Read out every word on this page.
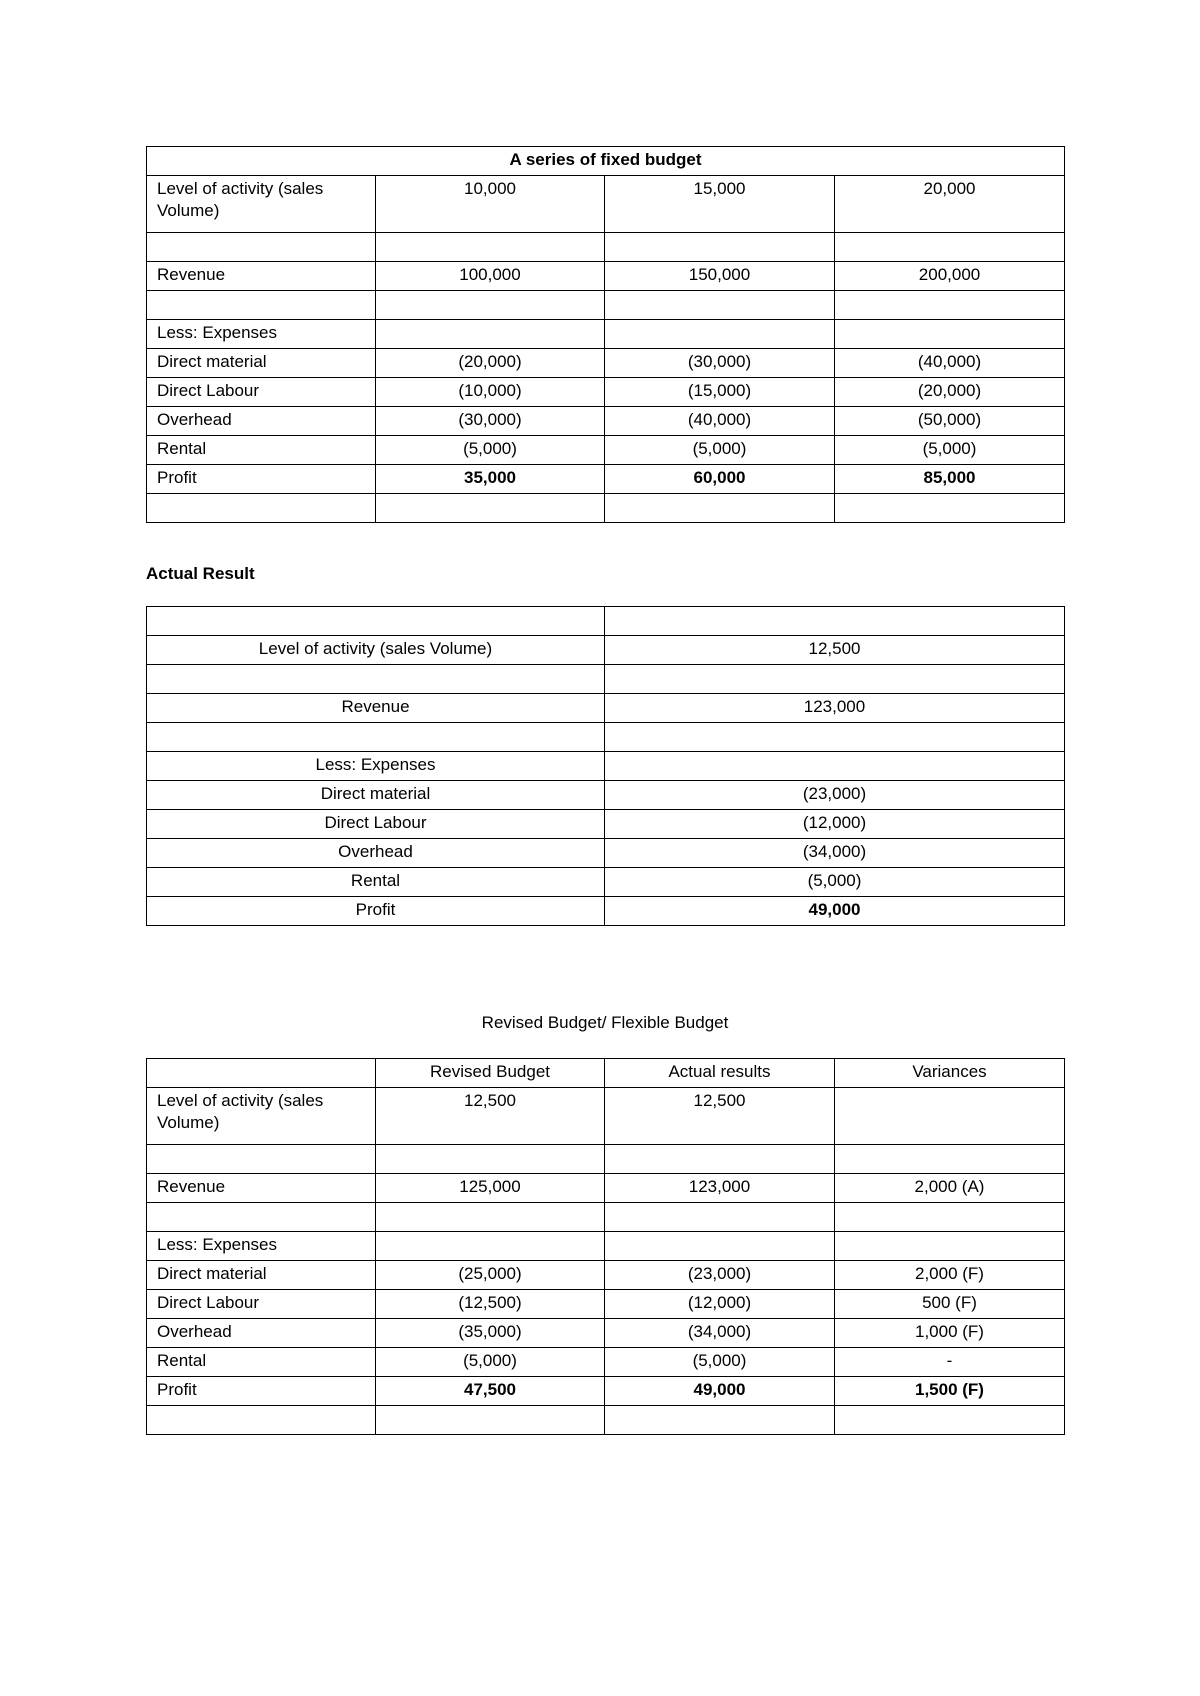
A series of fixed budget			
Level of activity (sales Volume)	10,000	15,000	20,000

Revenue	100,000	150,000	200,000

Less: Expenses			
Direct material	(20,000)	(30,000)	(40,000)
Direct Labour	(10,000)	(15,000)	(20,000)
Overhead	(30,000)	(40,000)	(50,000)
Rental	(5,000)	(5,000)	(5,000)
Profit	35,000	60,000	85,000

Actual Result

Level of activity (sales Volume)	12,500

Revenue	123,000

Less: Expenses	
Direct material	(23,000)
Direct Labour	(12,000)
Overhead	(34,000)
Rental	(5,000)
Profit	49,000
Revised Budget/ Flexible Budget
	Revised Budget	Actual results	Variances
Level of activity (sales Volume)	12,500	12,500	

Revenue	125,000	123,000	2,000 (A)

Less: Expenses			
Direct material	(25,000)	(23,000)	2,000 (F)
Direct Labour	(12,500)	(12,000)	500 (F)
Overhead	(35,000)	(34,000)	1,000 (F)
Rental	(5,000)	(5,000)	-
Profit	47,500	49,000	1,500 (F)
